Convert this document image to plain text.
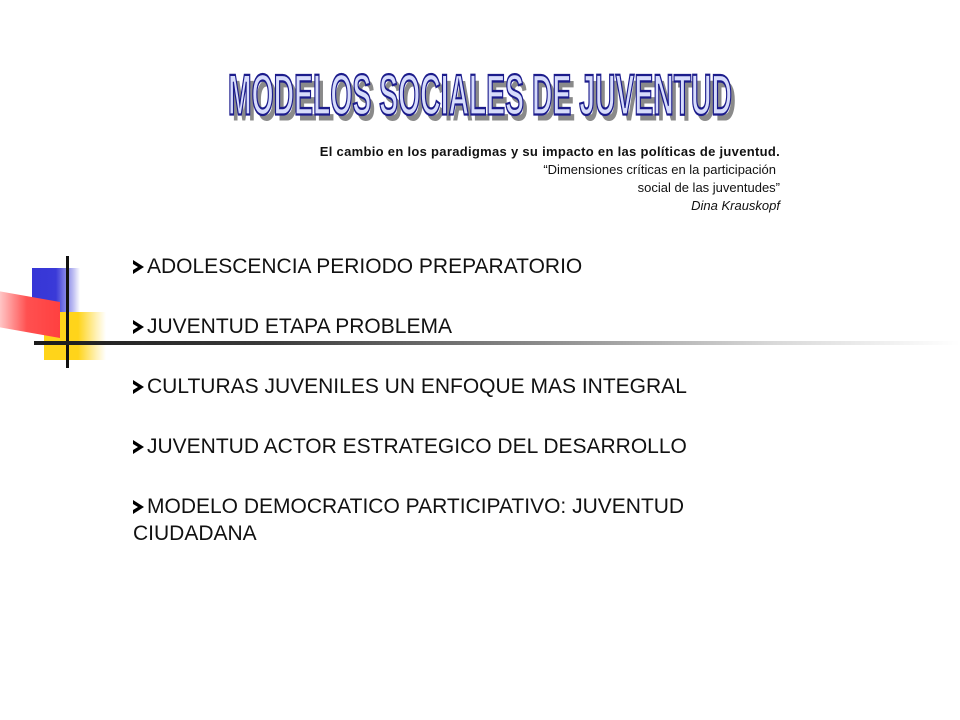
MODELOS SOCIALES DE JUVENTUD
MODELOS SOCIALES DE JUVENTUD
El cambio en los paradigmas y su impacto en las políticas de juventud.
“Dimensiones críticas en la participación
social de las juventudes”
Dina Krauskopf
ADOLESCENCIA PERIODO PREPARATORIO
JUVENTUD ETAPA PROBLEMA
CULTURAS JUVENILES UN ENFOQUE MAS INTEGRAL
JUVENTUD ACTOR ESTRATEGICO DEL DESARROLLO
MODELO DEMOCRATICO PARTICIPATIVO: JUVENTUD CIUDADANA
